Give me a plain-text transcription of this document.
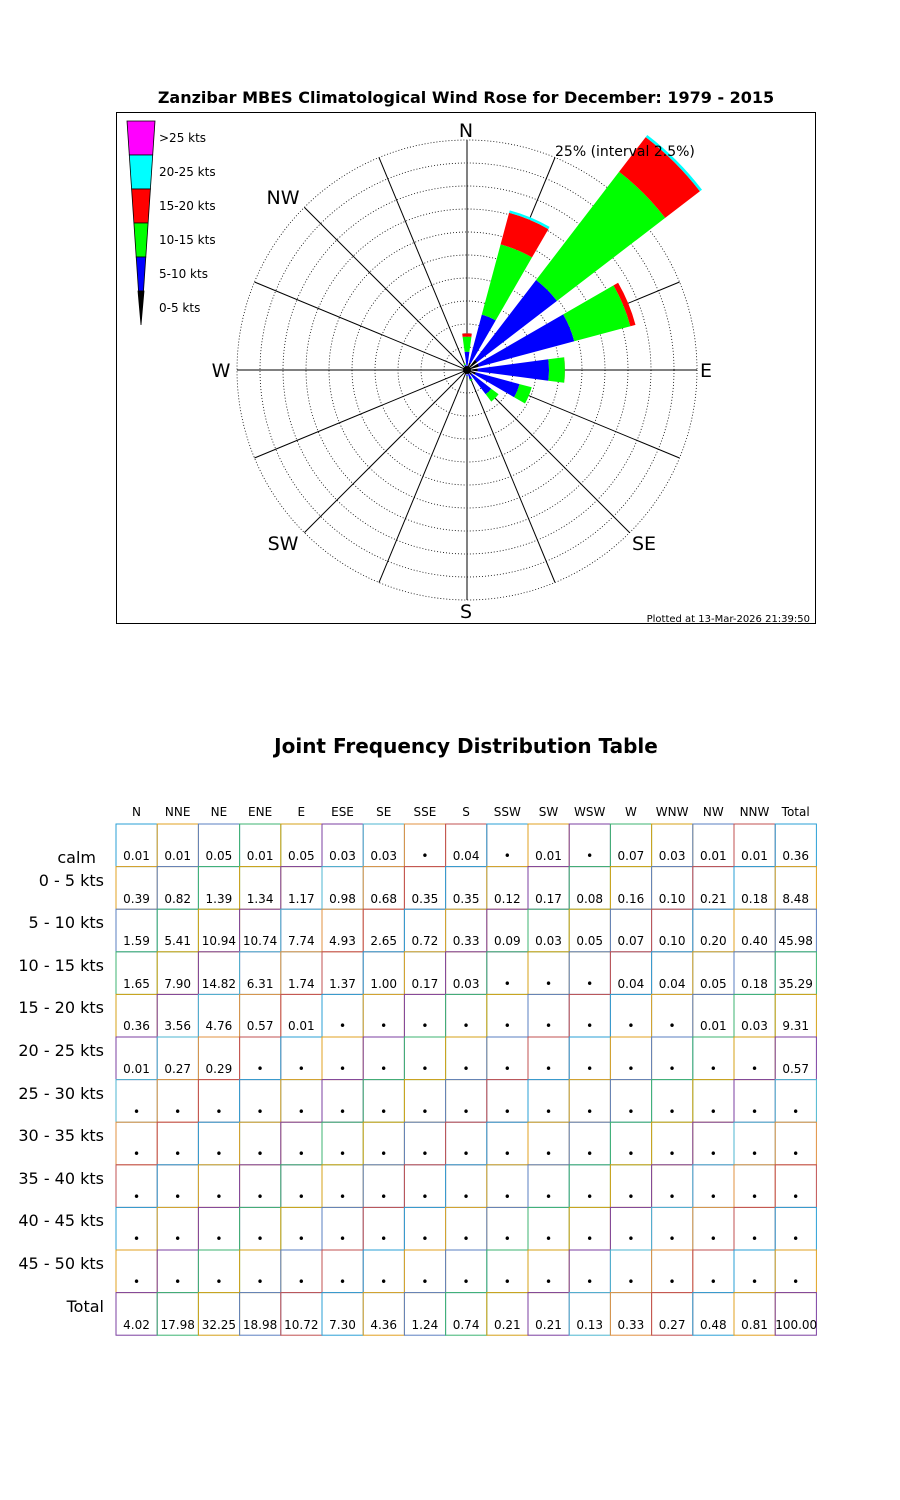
Zanzibar MBES Climatological Wind Rose for December: 1979 - 2015
>25 kts
20-25 kts
15-20 kts
10-15 kts
5-10 kts
0-5 kts
N
NW
W
SW
S
SE
E
25% (interval 2.5%)
Plotted at 13-Mar-2026 21:39:50
Joint Frequency Distribution Table
N	NNE	NE	ENE	E	ESE	SE	SSE	S	SSW	SW	WSW	W	WNW	NW	NNW	Total
calm	0.01	0.01	0.05	0.01	0.05	0.03	0.03	•	0.04	•	0.01	•	0.07	0.03	0.01	0.01	0.36
0 - 5 kts
0.39	0.82	1.39	1.34	1.17	0.98	0.68	0.35	0.35	0.12	0.17	0.08	0.16	0.10	0.21	0.18	8.48
5 - 10 kts
1.59	5.41 10.94 10.74 7.74	4.93	2.65	0.72	0.33	0.09	0.03	0.05	0.07	0.10	0.20	0.40 45.98
10 - 15 kts
1.65	7.90 14.82 6.31	1.74	1.37	1.00	0.17	0.03	•	•	•	0.04	0.04	0.05	0.18 35.29
15 - 20 kts
0.36	3.56	4.76	0.57	0.01	•	•	•	•	•	•	•	•	•	0.01	0.03	9.31
20 - 25 kts
0.01	0.27	0.29	•	•	•	•	•	•	•	•	•	•	•	•	•	0.57
25 - 30 kts
•	•	•	•	•	•	•	•	•	•	•	•	•	•	•	•	•
30 - 35 kts
•	•	•	•	•	•	•	•	•	•	•	•	•	•	•	•	•
35 - 40 kts
•	•	•	•	•	•	•	•	•	•	•	•	•	•	•	•	•
40 - 45 kts
•	•	•	•	•	•	•	•	•	•	•	•	•	•	•	•	•
45 - 50 kts
•	•	•	•	•	•	•	•	•	•	•	•	•	•	•	•	•
Total
4.02 17.98 32.25 18.98 10.72 7.30	4.36	1.24	0.74	0.21	0.21	0.13	0.33	0.27	0.48	0.81 100.00
